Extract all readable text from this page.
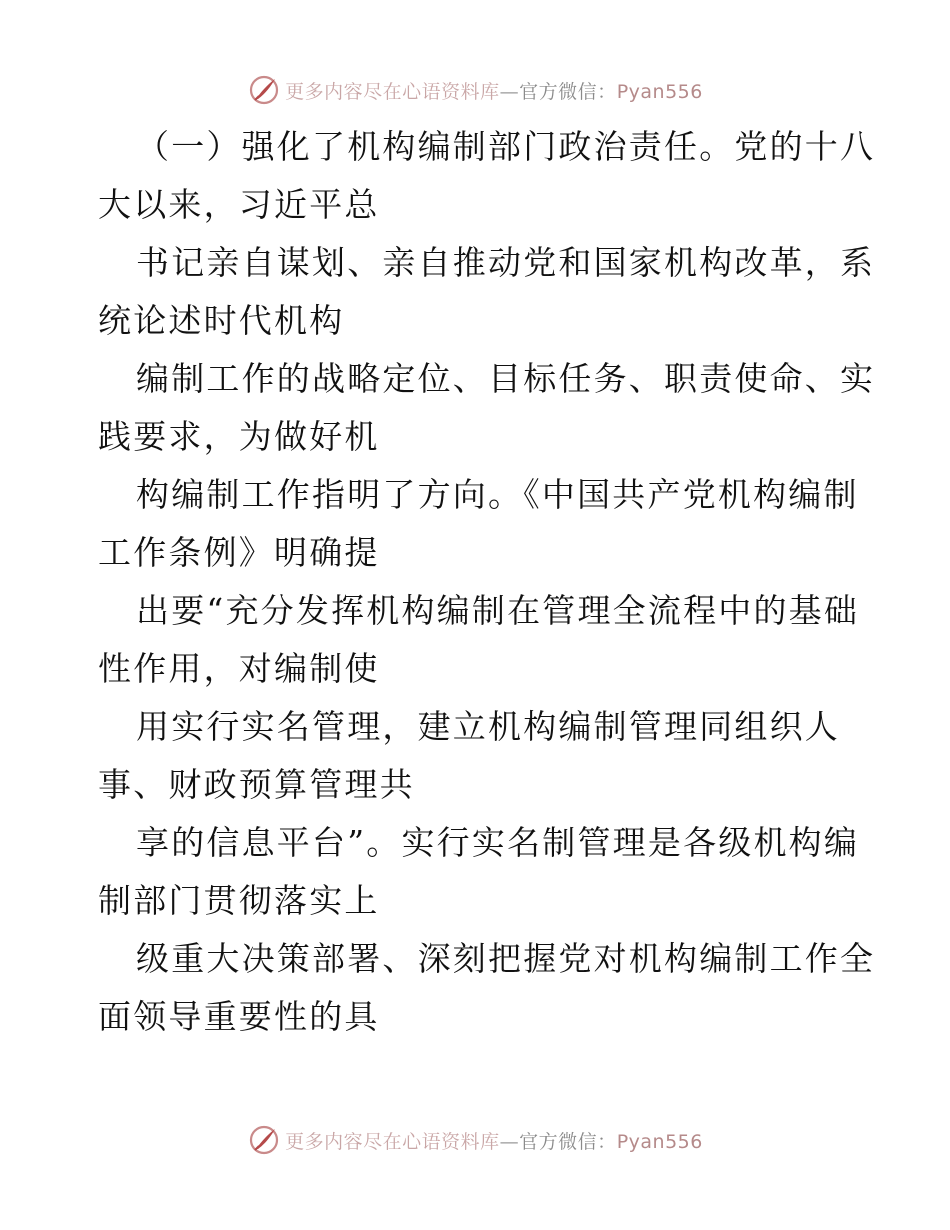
更多内容尽在心语资料库—官方微信：Pyan556
（一）强化了机构编制部门政治责任。党的十八
大以来，习近平总
书记亲自谋划、亲自推动党和国家机构改革，系
统论述时代机构
编制工作的战略定位、目标任务、职责使命、实
践要求，为做好机
构编制工作指明了方向。《中国共产党机构编制
工作条例》明确提
出要“充分发挥机构编制在管理全流程中的基础
性作用，对编制使
用实行实名管理，建立机构编制管理同组织人
事、财政预算管理共
享的信息平台”。实行实名制管理是各级机构编
制部门贯彻落实上
级重大决策部署、深刻把握党对机构编制工作全
面领导重要性的具
更多内容尽在心语资料库—官方微信：Pyan556
